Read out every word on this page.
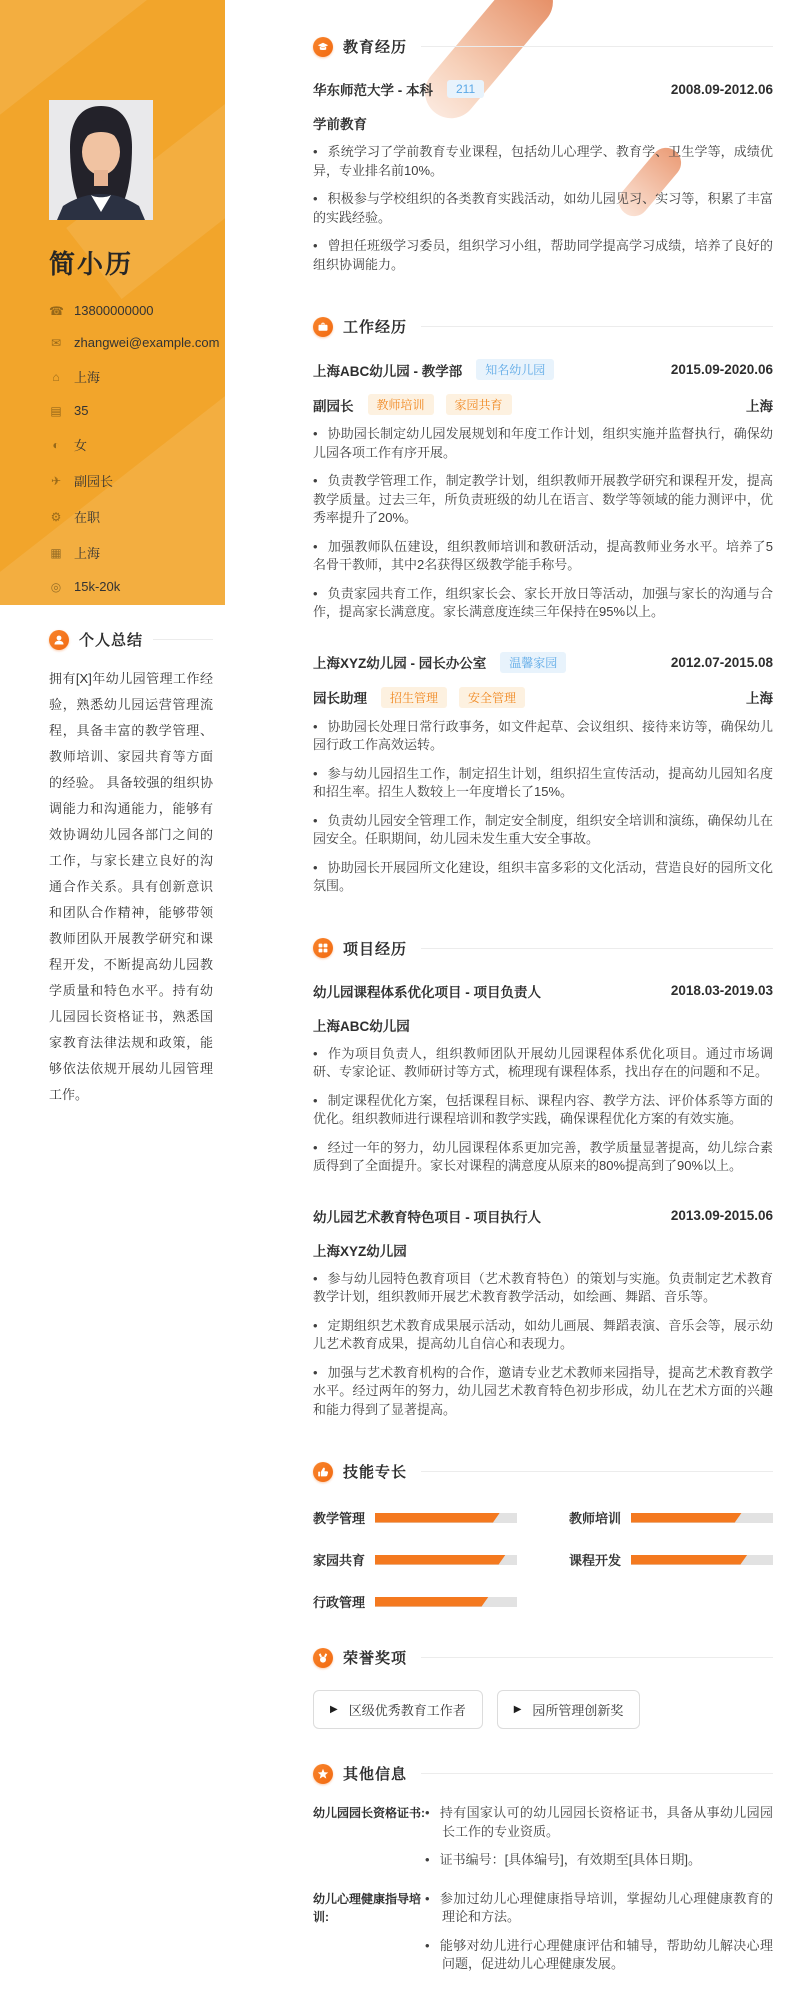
简小历
☎ 13800000000
✉ zhangwei@example.com
⌂ 上海
▤ 35
◐ 女
✈ 副园长
⚙ 在职
▦ 上海
◎ 15k-20k
个人总结

拥有[X]年幼儿园管理工作经验，熟悉幼儿园运营管理流程，具备丰富的教学管理、教师培训、家园共育等方面的经验。 具备较强的组织协调能力和沟通能力，能够有效协调幼儿园各部门之间的工作，与家长建立良好的沟通合作关系。具有创新意识和团队合作精神，能够带领教师团队开展教学研究和课程开发，不断提高幼儿园教学质量和特色水平。持有幼儿园园长资格证书，熟悉国家教育法律法规和政策，能够依法依规开展幼儿园管理工作。

教育经历
华东师范大学 - 本科	211	2008.09-2012.06
学前教育

• 系统学习了学前教育专业课程，包括幼儿心理学、教育学、卫生学等，成绩优异，专业排名前10%。

• 积极参与学校组织的各类教育实践活动，如幼儿园见习、实习等，积累了丰富的实践经验。

• 曾担任班级学习委员，组织学习小组，帮助同学提高学习成绩，培养了良好的组织协调能力。

工作经历
上海ABC幼儿园 - 教学部	知名幼儿园	2015.09-2020.06
副园长	教师培训	家园共育	上海

• 协助园长制定幼儿园发展规划和年度工作计划，组织实施并监督执行，确保幼儿园各项工作有序开展。

• 负责教学管理工作，制定教学计划，组织教师开展教学研究和课程开发，提高教学质量。过去三年，所负责班级的幼儿在语言、数学等领域的能力测评中，优秀率提升了20%。

• 加强教师队伍建设，组织教师培训和教研活动，提高教师业务水平。培养了5名骨干教师，其中2名获得区级教学能手称号。

• 负责家园共育工作，组织家长会、家长开放日等活动，加强与家长的沟通与合作，提高家长满意度。家长满意度连续三年保持在95%以上。

上海XYZ幼儿园 - 园长办公室	温馨家园	2012.07-2015.08
园长助理	招生管理	安全管理	上海

• 协助园长处理日常行政事务，如文件起草、会议组织、接待来访等，确保幼儿园行政工作高效运转。

• 参与幼儿园招生工作，制定招生计划，组织招生宣传活动，提高幼儿园知名度和招生率。招生人数较上一年度增长了15%。

• 负责幼儿园安全管理工作，制定安全制度，组织安全培训和演练，确保幼儿在园安全。任职期间，幼儿园未发生重大安全事故。

• 协助园长开展园所文化建设，组织丰富多彩的文化活动，营造良好的园所文化氛围。

项目经历
幼儿园课程体系优化项目 - 项目负责人	2018.03-2019.03
上海ABC幼儿园

• 作为项目负责人，组织教师团队开展幼儿园课程体系优化项目。通过市场调研、专家论证、教师研讨等方式，梳理现有课程体系，找出存在的问题和不足。

• 制定课程优化方案，包括课程目标、课程内容、教学方法、评价体系等方面的优化。组织教师进行课程培训和教学实践，确保课程优化方案的有效实施。

• 经过一年的努力，幼儿园课程体系更加完善，教学质量显著提高，幼儿综合素质得到了全面提升。家长对课程的满意度从原来的80%提高到了90%以上。

幼儿园艺术教育特色项目 - 项目执行人	2013.09-2015.06
上海XYZ幼儿园

• 参与幼儿园特色教育项目（艺术教育特色）的策划与实施。负责制定艺术教育教学计划，组织教师开展艺术教育教学活动，如绘画、舞蹈、音乐等。

• 定期组织艺术教育成果展示活动，如幼儿画展、舞蹈表演、音乐会等，展示幼儿艺术教育成果，提高幼儿自信心和表现力。

• 加强与艺术教育机构的合作，邀请专业艺术教师来园指导，提高艺术教育教学水平。经过两年的努力，幼儿园艺术教育特色初步形成，幼儿在艺术方面的兴趣和能力得到了显著提高。

技能专长
教学管理	教师培训
家园共育	课程开发
行政管理
荣誉奖项
▶ 区级优秀教育工作者	▶ 园所管理创新奖
其他信息
幼儿园园长资格证书: • 持有国家认可的幼儿园园长资格证书，具备从事幼儿园园长工作的专业资质。

• 证书编号：[具体编号]，有效期至[具体日期]。

幼儿心理健康指导培训:

• 参加过幼儿心理健康指导培训，掌握幼儿心理健康教育的理论和方法。

• 能够对幼儿进行心理健康评估和辅导，帮助幼儿解决心理问题，促进幼儿心理健康发展。
